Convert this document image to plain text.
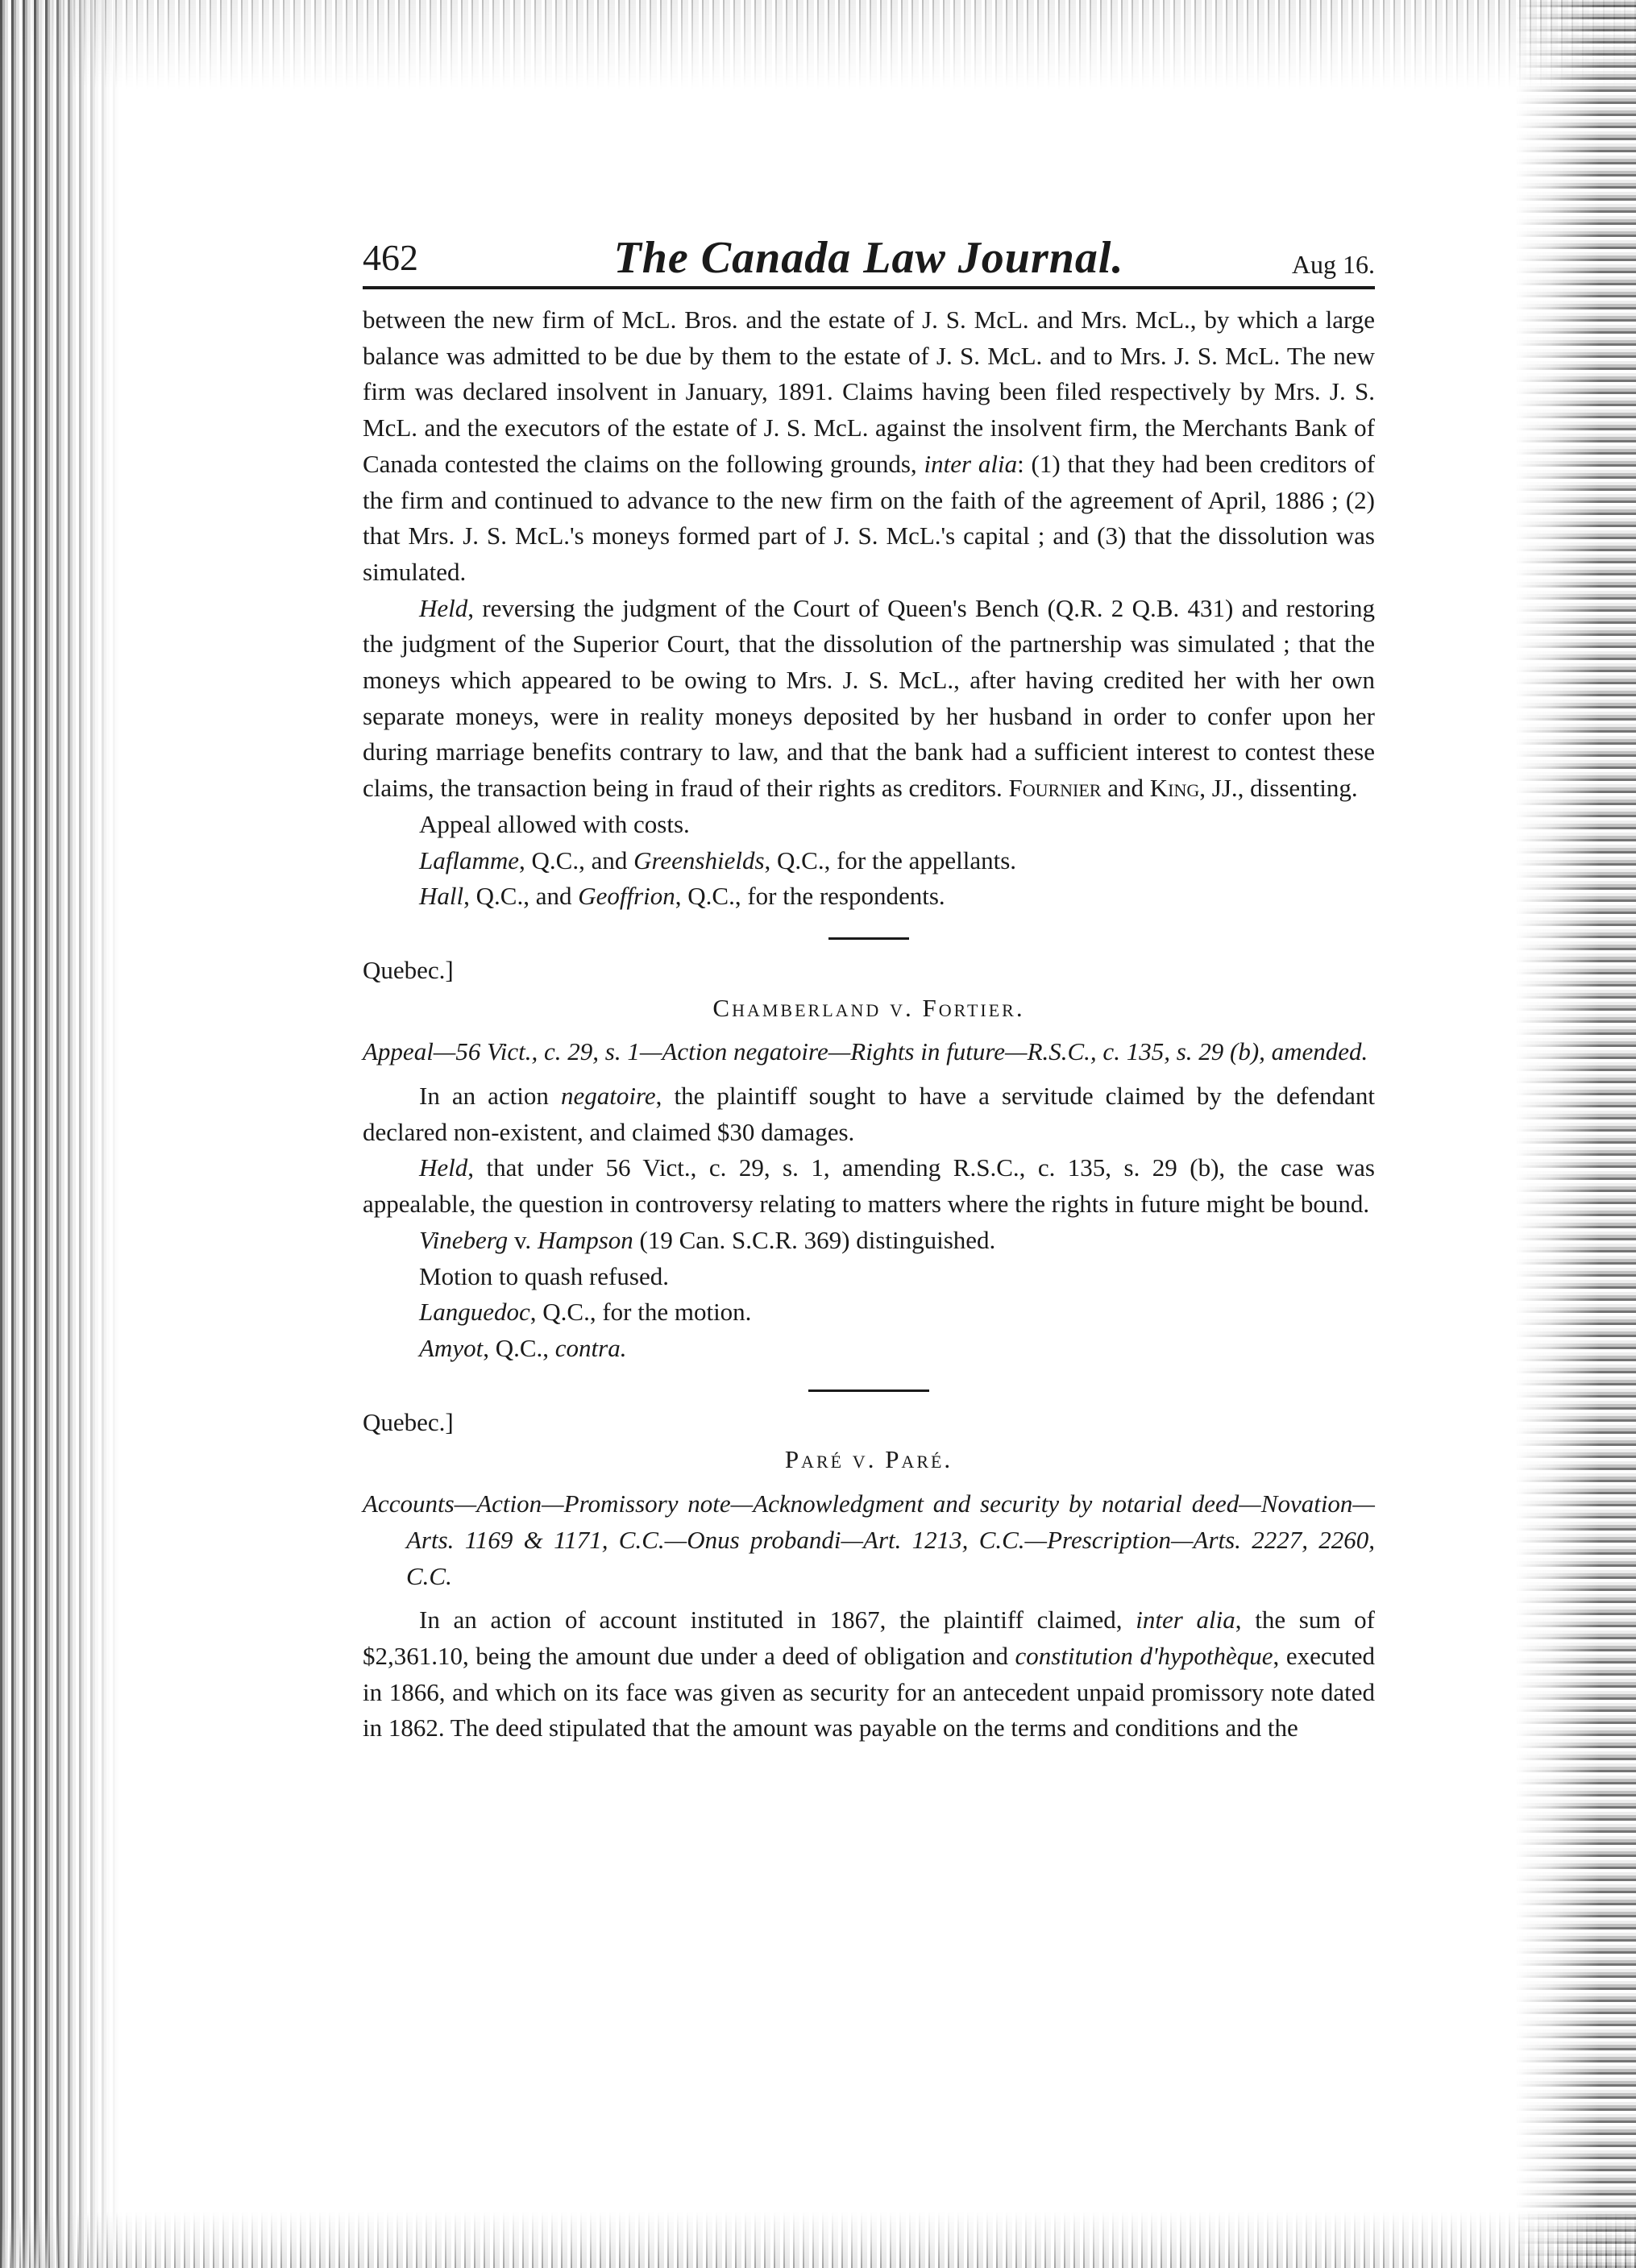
462	The Canada Law Journal.	Aug 16.

between the new firm of McL. Bros. and the estate of J. S. McL. and Mrs. McL., by which a large balance was admitted to be due by them to the estate of J. S. McL. and to Mrs. J. S. McL. The new firm was declared insolvent in January, 1891. Claims having been filed respectively by Mrs. J. S. McL. and the executors of the estate of J. S. McL. against the insolvent firm, the Merchants Bank of Canada contested the claims on the following grounds, inter alia: (1) that they had been creditors of the firm and continued to advance to the new firm on the faith of the agreement of April, 1886 ; (2) that Mrs. J. S. McL.'s moneys formed part of J. S. McL.'s capital ; and (3) that the dissolution was simulated.

Held, reversing the judgment of the Court of Queen's Bench (Q.R. 2 Q.B. 431) and restoring the judgment of the Superior Court, that the dissolution of the partnership was simulated ; that the moneys which appeared to be owing to Mrs. J. S. McL., after having credited her with her own separate moneys, were in reality moneys deposited by her husband in order to confer upon her during marriage benefits contrary to law, and that the bank had a sufficient interest to contest these claims, the transaction being in fraud of their rights as creditors. Fournier and King, JJ., dissenting.

Appeal allowed with costs.

Laflamme, Q.C., and Greenshields, Q.C., for the appellants.

Hall, Q.C., and Geoffrion, Q.C., for the respondents.

Quebec.]

Chamberland v. Fortier.

Appeal—56 Vict., c. 29, s. 1—Action negatoire—Rights in future—R.S.C., c. 135, s. 29 (b), amended.

In an action negatoire, the plaintiff sought to have a servitude claimed by the defendant declared non-existent, and claimed $30 damages.

Held, that under 56 Vict., c. 29, s. 1, amending R.S.C., c. 135, s. 29 (b), the case was appealable, the question in controversy relating to matters where the rights in future might be bound.

Vineberg v. Hampson (19 Can. S.C.R. 369) distinguished.

Motion to quash refused.

Languedoc, Q.C., for the motion.

Amyot, Q.C., contra.

Quebec.]

Paré v. Paré.

Accounts—Action—Promissory note—Acknowledgment and security by notarial deed—Novation—Arts. 1169 & 1171, C.C.—Onus probandi—Art. 1213, C.C.—Prescription—Arts. 2227, 2260, C.C.

In an action of account instituted in 1867, the plaintiff claimed, inter alia, the sum of $2,361.10, being the amount due under a deed of obligation and constitution d'hypothèque, executed in 1866, and which on its face was given as security for an antecedent unpaid promissory note dated in 1862. The deed stipulated that the amount was payable on the terms and conditions and the
